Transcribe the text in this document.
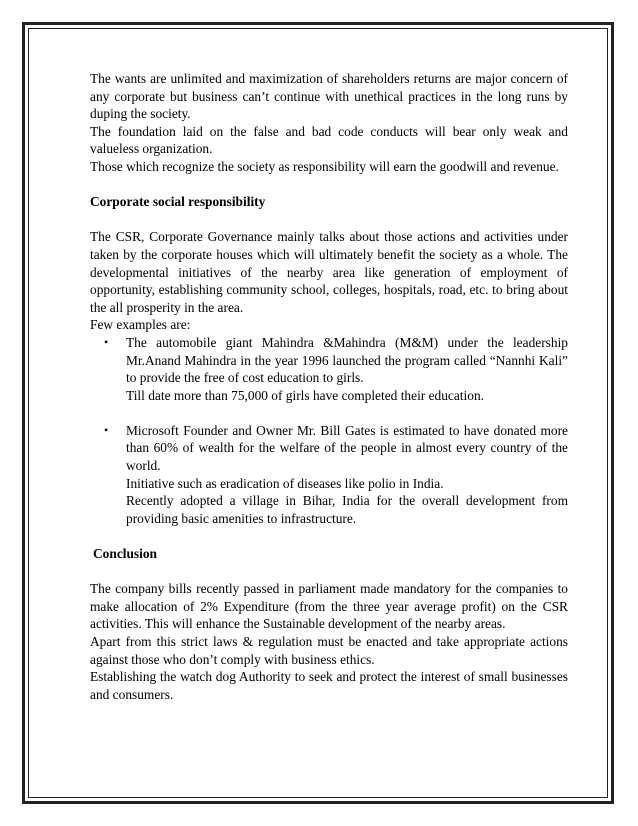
The wants are unlimited and maximization of shareholders returns are major concern of any corporate but business can’t continue with unethical practices in the long runs by duping the society.

The foundation laid on the false and bad code conducts will bear only weak and valueless organization.

Those which recognize the society as responsibility will earn the goodwill and revenue.

Corporate social responsibility

The CSR, Corporate Governance mainly talks about those actions and activities under taken by the corporate houses which will ultimately benefit the society as a whole. The developmental initiatives of the nearby area like generation of employment of opportunity, establishing community school, colleges, hospitals, road, etc. to bring about the all prosperity in the area.

Few examples are:

• The automobile giant Mahindra &Mahindra (M&M) under the leadership Mr.Anand Mahindra in the year 1996 launched the program called “Nannhi Kali” to provide the free of cost education to girls.

Till date more than 75,000 of girls have completed their education.

• Microsoft Founder and Owner Mr. Bill Gates is estimated to have donated more than 60% of wealth for the welfare of the people in almost every country of the world.

Initiative such as eradication of diseases like polio in India.

Recently adopted a village in Bihar, India for the overall development from providing basic amenities to infrastructure.

Conclusion

The company bills recently passed in parliament made mandatory for the companies to make allocation of 2% Expenditure (from the three year average profit) on the CSR activities. This will enhance the Sustainable development of the nearby areas.

Apart from this strict laws & regulation must be enacted and take appropriate actions against those who don’t comply with business ethics.

Establishing the watch dog Authority to seek and protect the interest of small businesses and consumers.
